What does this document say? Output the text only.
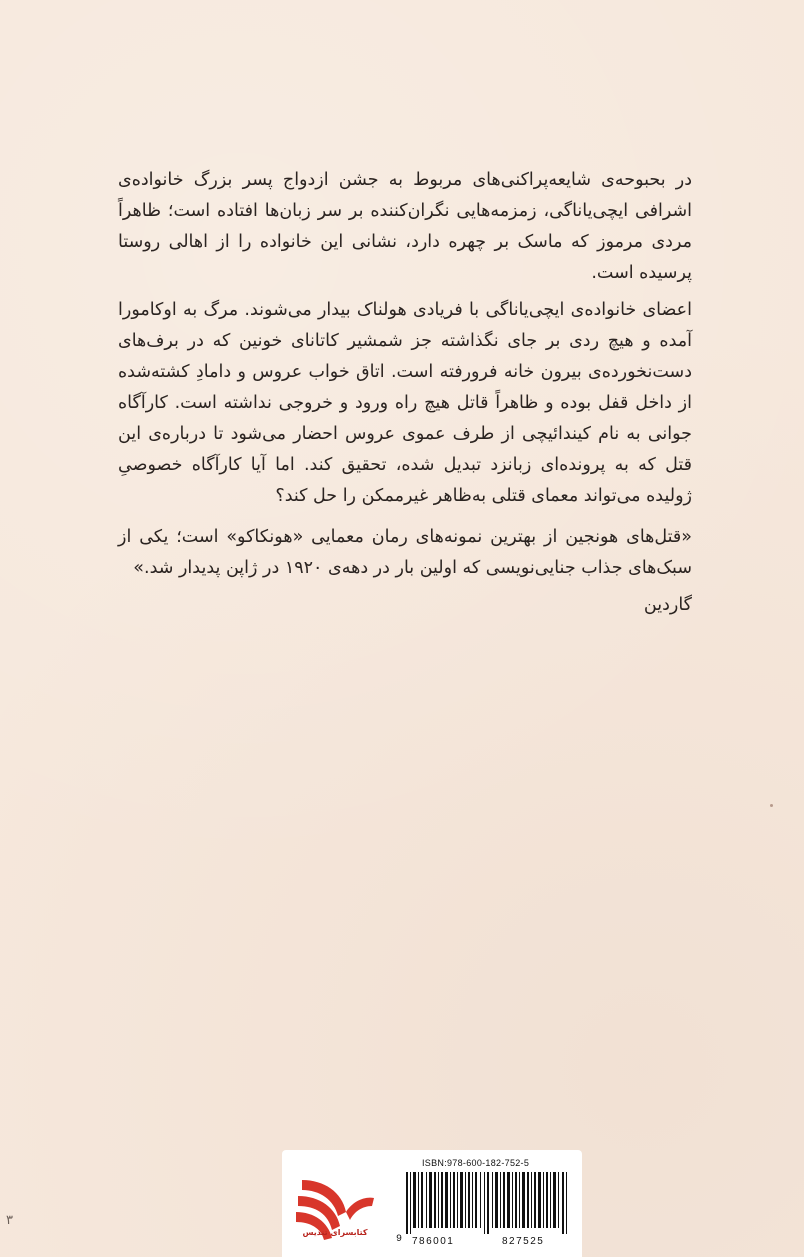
در بحبوحه‌ی شایعه‌پراکنی‌های مربوط به جشن ازدواج پسر بزرگ خانواده‌ی اشرافی ایچی‌یاناگی، زمزمه‌هایی نگران‌کننده بر سر زبان‌ها افتاده است؛ ظاهراً مردی مرموز که ماسک بر چهره دارد، نشانی این خانواده را از اهالی روستا پرسیده است.

اعضای خانواده‌ی ایچی‌یاناگی با فریادی هولناک بیدار می‌شوند. مرگ به اوکامورا آمده و هیچ ردی بر جای نگذاشته جز شمشیر کاتانای خونین که در برف‌های دست‌نخورده‌ی بیرون خانه فرورفته است. اتاق خواب عروس و دامادِ کشته‌شده از داخل قفل بوده و ظاهراً قاتل هیچ راه ورود و خروجی نداشته است. کارآگاه جوانی به نام کیندائیچی از طرف عموی عروس احضار می‌شود تا درباره‌ی این قتل که به پرونده‌ای زبانزد تبدیل شده، تحقیق کند. اما آیا کارآگاه خصوصیِ ژولیده می‌تواند معمای قتلی به‌ظاهر غیرممکن را حل کند؟

«قتل‌های هونجین از بهترین نمونه‌های رمان معمایی «هونکاکو» است؛ یکی از سبک‌های جذاب جنایی‌نویسی که اولین بار در دهه‌ی ۱۹۲۰ در ژاپن پدیدار شد.»

گاردین

۳
کتابسرای تندیس
ISBN:978-600-182-752-5
9 786001	827525
